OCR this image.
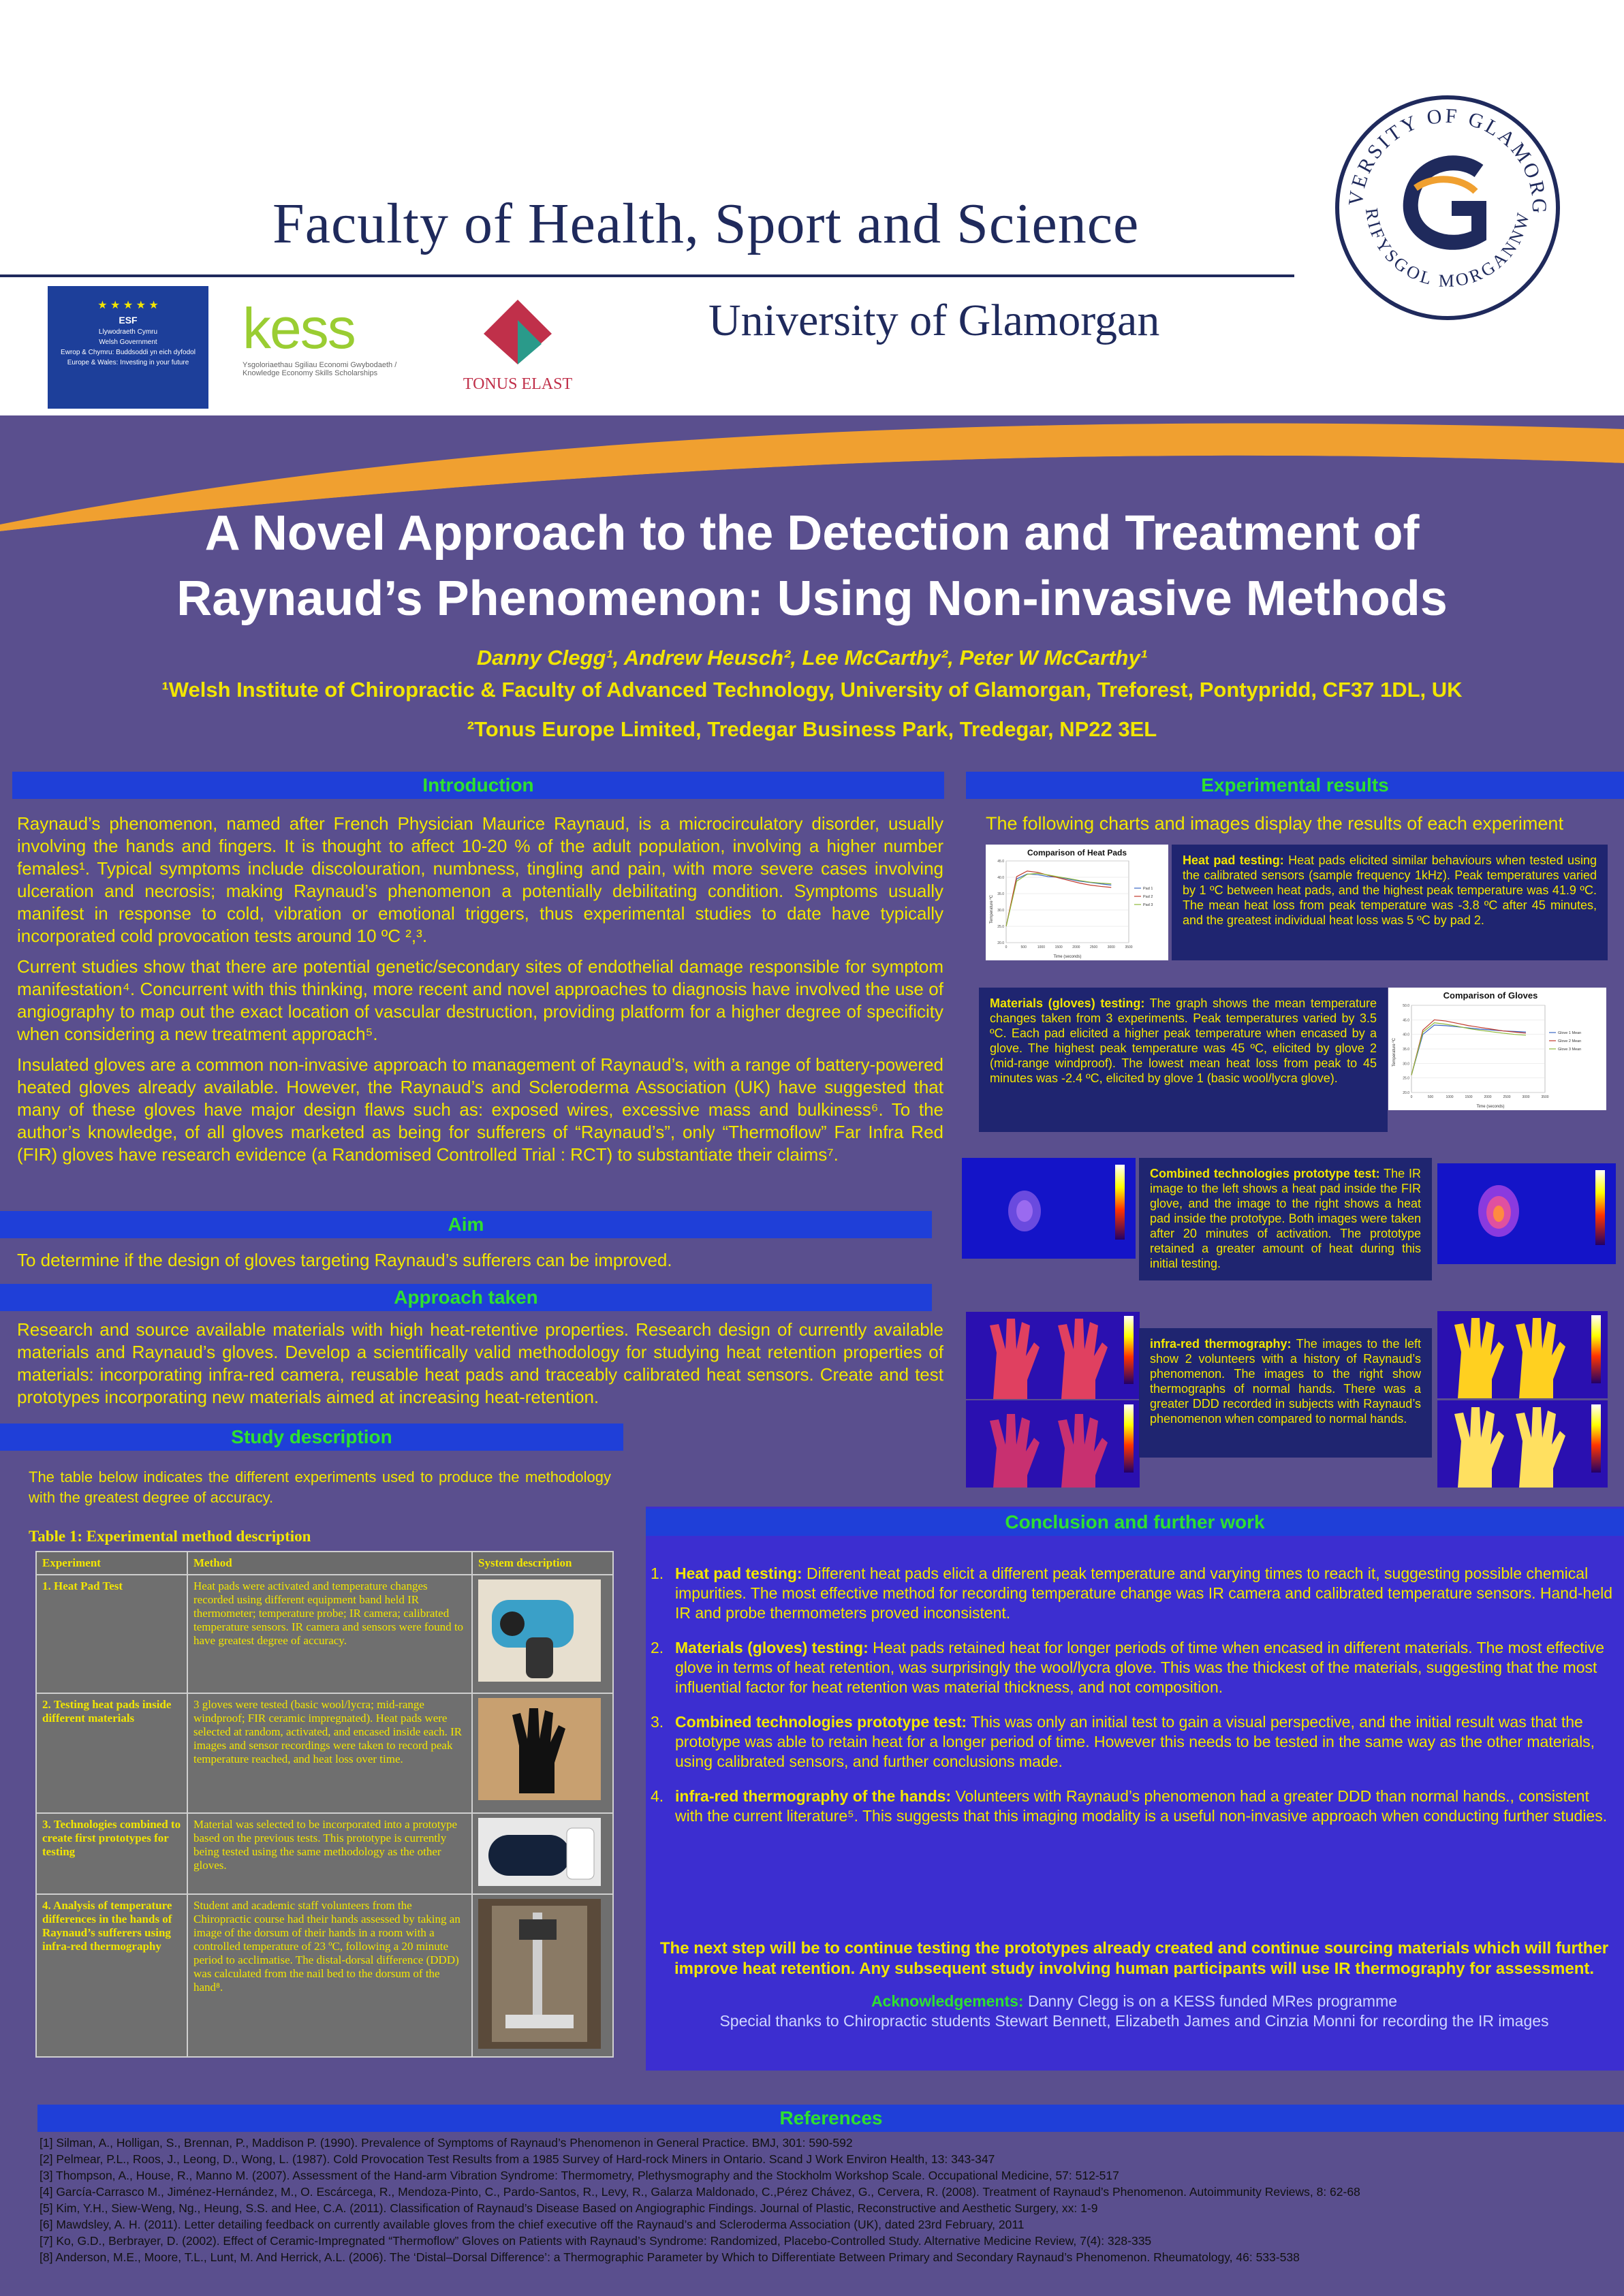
Faculty of Health, Sport and Science
University of Glamorgan
★ ★ ★ ★ ★
ESF
Llywodraeth Cymru
Welsh Government
Ewrop & Chymru: Buddsoddi yn eich dyfodol
Europe & Wales: Investing in your future
kess
Ysgoloriaethau Sgiliau Economi Gwybodaeth / Knowledge Economy Skills Scholarships
TONUS ELAST
VERSITY OF GLAMORG
RIFYSGOL MORGANNW
A Novel Approach to the Detection and Treatment of
Raynaud’s Phenomenon: Using Non-invasive Methods
Danny Clegg¹, Andrew Heusch², Lee McCarthy², Peter W McCarthy¹
¹Welsh Institute of Chiropractic & Faculty of Advanced Technology, University of Glamorgan, Treforest, Pontypridd, CF37 1DL, UK
²Tonus Europe Limited, Tredegar Business Park, Tredegar, NP22 3EL
Introduction

Raynaud’s phenomenon, named after French Physician Maurice Raynaud, is a microcirculatory disorder, usually involving the hands and fingers. It is thought to affect 10-20 % of the adult population, involving a higher number females¹. Typical symptoms include discolouration, numbness, tingling and pain, with more severe cases involving ulceration and necrosis; making Raynaud’s phenomenon a potentially debilitating condition. Symptoms usually manifest in response to cold, vibration or emotional triggers, thus experimental studies to date have typically incorporated cold provocation tests around 10 ºC ²,³.

Current studies show that there are potential genetic/secondary sites of endothelial damage responsible for symptom manifestation⁴. Concurrent with this thinking, more recent and novel approaches to diagnosis have involved the use of angiography to map out the exact location of vascular destruction, providing platform for a higher degree of specificity when considering a new treatment approach⁵.

Insulated gloves are a common non-invasive approach to management of Raynaud’s, with a range of battery-powered heated gloves already available. However, the Raynaud’s and Scleroderma Association (UK) have suggested that many of these gloves have major design flaws such as: exposed wires, excessive mass and bulkiness⁶. To the author’s knowledge, of all gloves marketed as being for sufferers of “Raynaud’s”, only “Thermoflow” Far Infra Red (FIR) gloves have research evidence (a Randomised Controlled Trial : RCT) to substantiate their claims⁷.

Aim
To determine if the design of gloves targeting Raynaud’s sufferers can be improved.
Approach taken
Research and source available materials with high heat-retentive properties. Research design of currently available materials and Raynaud’s gloves. Develop a scientifically valid methodology for studying heat retention properties of materials: incorporating infra-red camera, reusable heat pads and traceably calibrated heat sensors. Create and test prototypes incorporating new materials aimed at increasing heat-retention.
Study description
The table below indicates the different experiments used to produce the methodology with the greatest degree of accuracy.
Table 1: Experimental method description
Experiment	Method	System description
1. Heat Pad Test	Heat pads were activated and temperature changes recorded using different equipment band held IR thermometer; temperature probe; IR camera; calibrated temperature sensors. IR camera and sensors were found to have greatest degree of accuracy.	
2. Testing heat pads inside different materials	3 gloves were tested (basic wool/lycra; mid-range windproof; FIR ceramic impregnated). Heat pads were selected at random, activated, and encased inside each. IR images and sensor recordings were taken to record peak temperature reached, and heat loss over time.	
3. Technologies combined to create first prototypes for testing	Material was selected to be incorporated into a prototype based on the previous tests. This prototype is currently being tested using the same methodology as the other gloves.	
4. Analysis of temperature differences in the hands of Raynaud’s sufferers using infra-red thermography	Student and academic staff volunteers from the Chiropractic course had their hands assessed by taking an image of the dorsum of their hands in a room with a controlled temperature of 23 ºC, following a 20 minute period to acclimatise. The distal-dorsal difference (DDD) was calculated from the nail bed to the dorsum of the hand⁸.	
Experimental results
The following charts and images display the results of each experiment
Comparison of Heat Pads
Temperature ºC
Time (seconds)
20.0
25.0
30.0
35.0
40.0
45.0
0	500	1000	1500	2000	2500	3000	3500
Pad 1
Pad 2
Pad 3
Heat pad testing: Heat pads elicited similar behaviours when tested using the calibrated sensors (sample frequency 1kHz). Peak temperatures varied by 1 ºC between heat pads, and the highest peak temperature was 41.9 ºC. The mean heat loss from peak temperature was -3.8 ºC after 45 minutes, and the greatest individual heat loss was 5 ºC by pad 2.
Materials (gloves) testing: The graph shows the mean temperature changes taken from 3 experiments. Peak temperatures varied by 3.5 ºC. Each pad elicited a higher peak temperature when encased by a glove. The highest peak temperature was 45 ºC, elicited by glove 2 (mid-range windproof). The lowest mean heat loss from peak to 45 minutes was -2.4 ºC, elicited by glove 1 (basic wool/lycra glove).
Comparison of Gloves
Temperature ºC
Time (seconds)
20.0
25.0
30.0
35.0
40.0
45.0
50.0
0	500	1000	1500	2000	2500	3000	3500
Glove 1 Mean
Glove 2 Mean
Glove 3 Mean
Combined technologies prototype test: The IR image to the left shows a heat pad inside the FIR glove, and the image to the right shows a heat pad inside the prototype. Both images were taken after 20 minutes of activation. The prototype retained a greater amount of heat during this initial testing.
infra-red thermography: The images to the left show 2 volunteers with a history of Raynaud’s phenomenon. The images to the right show thermographs of normal hands. There was a greater DDD recorded in subjects with Raynaud’s phenomenon when compared to normal hands.
Conclusion and further work
1. Heat pad testing: Different heat pads elicit a different peak temperature and varying times to reach it, suggesting possible chemical impurities. The most effective method for recording temperature change was IR camera and calibrated temperature sensors. Hand-held IR and probe thermometers proved inconsistent.
2. Materials (gloves) testing: Heat pads retained heat for longer periods of time when encased in different materials. The most effective glove in terms of heat retention, was surprisingly the wool/lycra glove. This was the thickest of the materials, suggesting that the most influential factor for heat retention was material thickness, and not composition.
3. Combined technologies prototype test: This was only an initial test to gain a visual perspective, and the initial result was that the prototype was able to retain heat for a longer period of time. However this needs to be tested in the same way as the other materials, using calibrated sensors, and further conclusions made.
4. infra-red thermography of the hands: Volunteers with Raynaud’s phenomenon had a greater DDD than normal hands., consistent with the current literature⁵. This suggests that this imaging modality is a useful non-invasive approach when conducting further studies.
The next step will be to continue testing the prototypes already created and continue sourcing materials which will further improve heat retention. Any subsequent study involving human participants will use IR thermography for assessment.
Acknowledgements: Danny Clegg is on a KESS funded MRes programme
Special thanks to Chiropractic students Stewart Bennett, Elizabeth James and Cinzia Monni for recording the IR images
References
[1] Silman, A., Holligan, S., Brennan, P., Maddison P. (1990). Prevalence of Symptoms of Raynaud’s Phenomenon in General Practice. BMJ, 301: 590-592
[2] Pelmear, P.L., Roos, J., Leong, D., Wong, L. (1987). Cold Provocation Test Results from a 1985 Survey of Hard-rock Miners in Ontario. Scand J Work Environ Health, 13: 343-347
[3] Thompson, A., House, R., Manno M. (2007). Assessment of the Hand-arm Vibration Syndrome: Thermometry, Plethysmography and the Stockholm Workshop Scale. Occupational Medicine, 57: 512-517
[4] García-Carrasco M., Jiménez-Hernández, M., O. Escárcega, R., Mendoza-Pinto, C., Pardo-Santos, R., Levy, R., Galarza Maldonado, C.,Pérez Chávez, G., Cervera, R. (2008). Treatment of Raynaud’s Phenomenon. Autoimmunity Reviews, 8: 62-68
[5] Kim, Y.H., Siew-Weng, Ng., Heung, S.S. and Hee, C.A. (2011). Classification of Raynaud’s Disease Based on Angiographic Findings. Journal of Plastic, Reconstructive and Aesthetic Surgery, xx: 1-9
[6] Mawdsley, A. H. (2011). Letter detailing feedback on currently available gloves from the chief executive off the Raynaud’s and Scleroderma Association (UK), dated 23rd February, 2011
[7] Ko, G.D., Berbrayer, D. (2002). Effect of Ceramic-Impregnated “Thermoflow” Gloves on Patients with Raynaud’s Syndrome: Randomized, Placebo-Controlled Study. Alternative Medicine Review, 7(4): 328-335
[8] Anderson, M.E., Moore, T.L., Lunt, M. And Herrick, A.L. (2006). The ‘Distal–Dorsal Difference’: a Thermographic Parameter by Which to Differentiate Between Primary and Secondary Raynaud’s Phenomenon. Rheumatology, 46: 533-538
